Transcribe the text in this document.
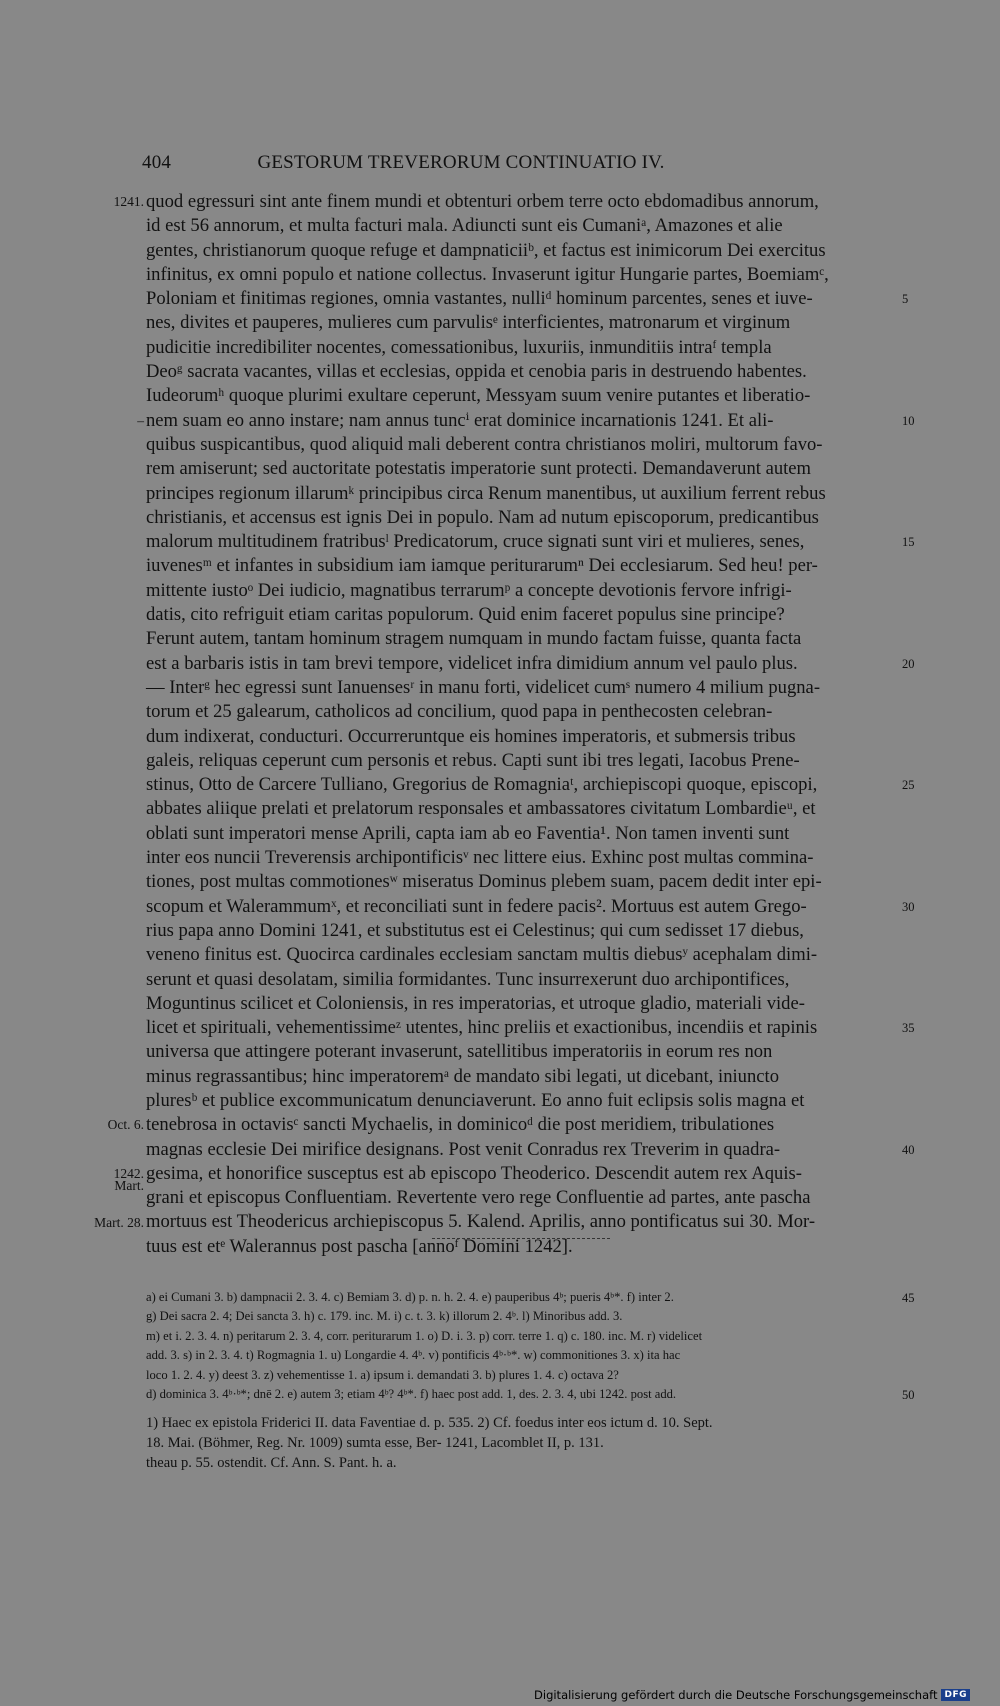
404	GESTORUM TREVERORUM CONTINUATIO IV.
quod egressuri sint ante finem mundi et obtenturi orbem terre octo ebdomadibus annorum,
id est 56 annorum, et multa facturi mala. Adiuncti sunt eis Cumaniᵃ, Amazones et alie
gentes, christianorum quoque refuge et dampnaticiiᵇ, et factus est inimicorum Dei exercitus
infinitus, ex omni populo et natione collectus. Invaserunt igitur Hungarie partes, Boemiamᶜ,
Poloniam et finitimas regiones, omnia vastantes, nulliᵈ hominum parcentes, senes et iuve-
nes, divites et pauperes, mulieres cum parvulisᵉ interficientes, matronarum et virginum
pudicitie incredibiliter nocentes, comessationibus, luxuriis, inmunditiis intraᶠ templa
Deoᵍ sacrata vacantes, villas et ecclesias, oppida et cenobia paris in destruendo habentes.
Iudeorumʰ quoque plurimi exultare ceperunt, Messyam suum venire putantes et liberatio-
nem suam eo anno instare; nam annus tuncⁱ erat dominice incarnationis 1241. Et ali-
quibus suspicantibus, quod aliquid mali deberent contra christianos moliri, multorum favo-
rem amiserunt; sed auctoritate potestatis imperatorie sunt protecti. Demandaverunt autem
principes regionum illarumᵏ principibus circa Renum manentibus, ut auxilium ferrent rebus
christianis, et accensus est ignis Dei in populo. Nam ad nutum episcoporum, predicantibus
malorum multitudinem fratribusˡ Predicatorum, cruce signati sunt viri et mulieres, senes,
iuvenesᵐ et infantes in subsidium iam iamque periturarumⁿ Dei ecclesiarum. Sed heu! per-
mittente iustoᵒ Dei iudicio, magnatibus terrarumᵖ a concepte devotionis fervore infrigi-
datis, cito refriguit etiam caritas populorum. Quid enim faceret populus sine principe?
Ferunt autem, tantam hominum stragem numquam in mundo factam fuisse, quanta facta
est a barbaris istis in tam brevi tempore, videlicet infra dimidium annum vel paulo plus.
— Interᵍ hec egressi sunt Ianuensesʳ in manu forti, videlicet cumˢ numero 4 milium pugna-
torum et 25 galearum, catholicos ad concilium, quod papa in penthecosten celebran-
dum indixerat, conducturi. Occurreruntque eis homines imperatoris, et submersis tribus
galeis, reliquas ceperunt cum personis et rebus. Capti sunt ibi tres legati, Iacobus Prene-
stinus, Otto de Carcere Tulliano, Gregorius de Romagniaᵗ, archiepiscopi quoque, episcopi,
abbates aliique prelati et prelatorum responsales et ambassatores civitatum Lombardieᵘ, et
oblati sunt imperatori mense Aprili, capta iam ab eo Faventia¹. Non tamen inventi sunt
inter eos nuncii Treverensis archipontificisᵛ nec littere eius. Exhinc post multas commina-
tiones, post multas commotionesʷ miseratus Dominus plebem suam, pacem dedit inter epi-
scopum et Walerammumˣ, et reconciliati sunt in federe pacis². Mortuus est autem Grego-
rius papa anno Domini 1241, et substitutus est ei Celestinus; qui cum sedisset 17 diebus,
veneno finitus est. Quocirca cardinales ecclesiam sanctam multis diebusʸ acephalam dimi-
serunt et quasi desolatam, similia formidantes. Tunc insurrexerunt duo archipontifices,
Moguntinus scilicet et Coloniensis, in res imperatorias, et utroque gladio, materiali vide-
licet et spirituali, vehementissimeᶻ utentes, hinc preliis et exactionibus, incendiis et rapinis
universa que attingere poterant invaserunt, satellitibus imperatoriis in eorum res non
minus regrassantibus; hinc imperatoremᵃ de mandato sibi legati, ut dicebant, iniuncto
pluresᵇ et publice excommunicatum denunciaverunt. Eo anno fuit eclipsis solis magna et
tenebrosa in octavisᶜ sancti Mychaelis, in dominicoᵈ die post meridiem, tribulationes
magnas ecclesie Dei mirifice designans. Post venit Conradus rex Treverim in quadra-
gesima, et honorifice susceptus est ab episcopo Theoderico. Descendit autem rex Aquis-
grani et episcopus Confluentiam. Revertente vero rege Confluentie ad partes, ante pascha
mortuus est Theodericus archiepiscopus 5. Kalend. Aprilis, anno pontificatus sui 30. Mor-
tuus est etᵉ Walerannus post pascha [annoᶠ Domini 1242].
1241.
–
Oct. 6.
1242.
Mart.
Mart. 28.
5
10
15
20
25
30
35
40
a) ei Cumani 3. b) dampnacii 2. 3. 4. c) Bemiam 3. d) p. n. h. 2. 4. e) pauperibus 4ᵇ; pueris 4ᵇ*. f) inter 2.
g) Dei sacra 2. 4; Dei sancta 3. h) c. 179. inc. M. i) c. t. 3. k) illorum 2. 4ᵇ. l) Minoribus add. 3.
m) et i. 2. 3. 4. n) peritarum 2. 3. 4, corr. periturarum 1. o) D. i. 3. p) corr. terre 1. q) c. 180. inc. M. r) videlicet
add. 3. s) in 2. 3. 4. t) Rogmagnia 1. u) Longardie 4. 4ᵇ. v) pontificis 4ᵇ·ᵇ*. w) commonitiones 3. x) ita hac
loco 1. 2. 4. y) deest 3. z) vehementisse 1. a) ipsum i. demandati 3. b) plures 1. 4. c) octava 2?
d) dominica 3. 4ᵇ·ᵇ*; dnē 2. e) autem 3; etiam 4ᵇ? 4ᵇ*. f) haec post add. 1, des. 2. 3. 4, ubi 1242. post add.
45
50
1) Haec ex epistola Friderici II. data Faventiae d. p. 535. 2) Cf. foedus inter eos ictum d. 10. Sept.
18. Mai. (Böhmer, Reg. Nr. 1009) sumta esse, Ber- 1241, Lacomblet II, p. 131.
theau p. 55. ostendit. Cf. Ann. S. Pant. h. a.
Digitalisierung gefördert durch die Deutsche Forschungsgemeinschaft DFG
